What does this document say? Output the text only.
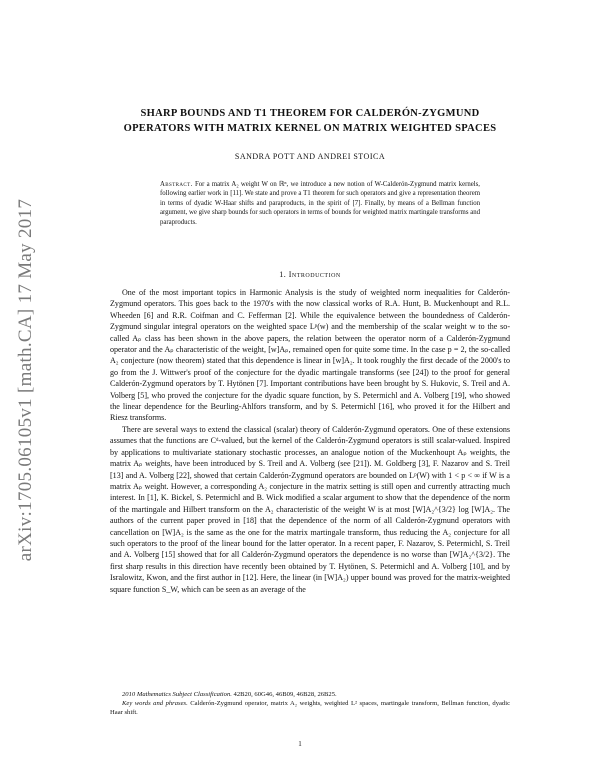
arXiv:1705.06105v1 [math.CA] 17 May 2017
SHARP BOUNDS AND T1 THEOREM FOR CALDERÓN-ZYGMUND
OPERATORS WITH MATRIX KERNEL ON MATRIX WEIGHTED SPACES
SANDRA POTT AND ANDREI STOICA
Abstract. For a matrix A₂ weight W on ℝⁿ, we introduce a new notion of W-Calderón-Zygmund matrix kernels, following earlier work in [11]. We state and prove a T1 theorem for such operators and give a representation theorem in terms of dyadic W-Haar shifts and paraproducts, in the spirit of [7]. Finally, by means of a Bellman function argument, we give sharp bounds for such operators in terms of bounds for weighted matrix martingale transforms and paraproducts.
1. Introduction

One of the most important topics in Harmonic Analysis is the study of weighted norm inequalities for Calderón-Zygmund operators. This goes back to the 1970's with the now classical works of R.A. Hunt, B. Muckenhoupt and R.L. Wheeden [6] and R.R. Coifman and C. Fefferman [2]. While the equivalence between the boundedness of Calderón-Zygmund singular integral operators on the weighted space Lᵖ(w) and the membership of the scalar weight w to the so-called Aₚ class has been shown in the above papers, the relation between the operator norm of a Calderón-Zygmund operator and the Aₚ characteristic of the weight, [w]Aₚ, remained open for quite some time. In the case p = 2, the so-called A₂ conjecture (now theorem) stated that this dependence is linear in [w]A₂. It took roughly the first decade of the 2000's to go from the J. Wittwer's proof of the conjecture for the dyadic martingale transforms (see [24]) to the proof for general Calderón-Zygmund operators by T. Hytönen [7]. Important contributions have been brought by S. Hukovic, S. Treil and A. Volberg [5], who proved the conjecture for the dyadic square function, by S. Petermichl and A. Volberg [19], who showed the linear dependence for the Beurling-Ahlfors transform, and by S. Petermichl [16], who proved it for the Hilbert and Riesz transforms.

There are several ways to extend the classical (scalar) theory of Calderón-Zygmund operators. One of these extensions assumes that the functions are Cᵈ-valued, but the kernel of the Calderón-Zygmund operators is still scalar-valued. Inspired by applications to multivariate stationary stochastic processes, an analogue notion of the Muckenhoupt Aₚ weights, the matrix Aₚ weights, have been introduced by S. Treil and A. Volberg (see [21]). M. Goldberg [3], F. Nazarov and S. Treil [13] and A. Volberg [22], showed that certain Calderón-Zygmund operators are bounded on Lᵖ(W) with 1 < p < ∞ if W is a matrix Aₚ weight. However, a corresponding A₂ conjecture in the matrix setting is still open and currently attracting much interest. In [1], K. Bickel, S. Petermichl and B. Wick modified a scalar argument to show that the dependence of the norm of the martingale and Hilbert transform on the A₂ characteristic of the weight W is at most [W]A₂^{3/2} log [W]A₂. The authors of the current paper proved in [18] that the dependence of the norm of all Calderón-Zygmund operators with cancellation on [W]A₂ is the same as the one for the matrix martingale transform, thus reducing the A₂ conjecture for all such operators to the proof of the linear bound for the latter operator. In a recent paper, F. Nazarov, S. Petermichl, S. Treil and A. Volberg [15] showed that for all Calderón-Zygmund operators the dependence is no worse than [W]A₂^{3/2}. The first sharp results in this direction have recently been obtained by T. Hytönen, S. Petermichl and A. Volberg [10], and by Isralowitz, Kwon, and the first author in [12]. Here, the linear (in [W]A₂) upper bound was proved for the matrix-weighted square function S_W, which can be seen as an average of the

2010 Mathematics Subject Classification. 42B20, 60G46, 46B09, 46B28, 26B25.

Key words and phrases. Calderón-Zygmund operator, matrix A₂ weights, weighted L² spaces, martingale transform, Bellman function, dyadic Haar shift.

1
